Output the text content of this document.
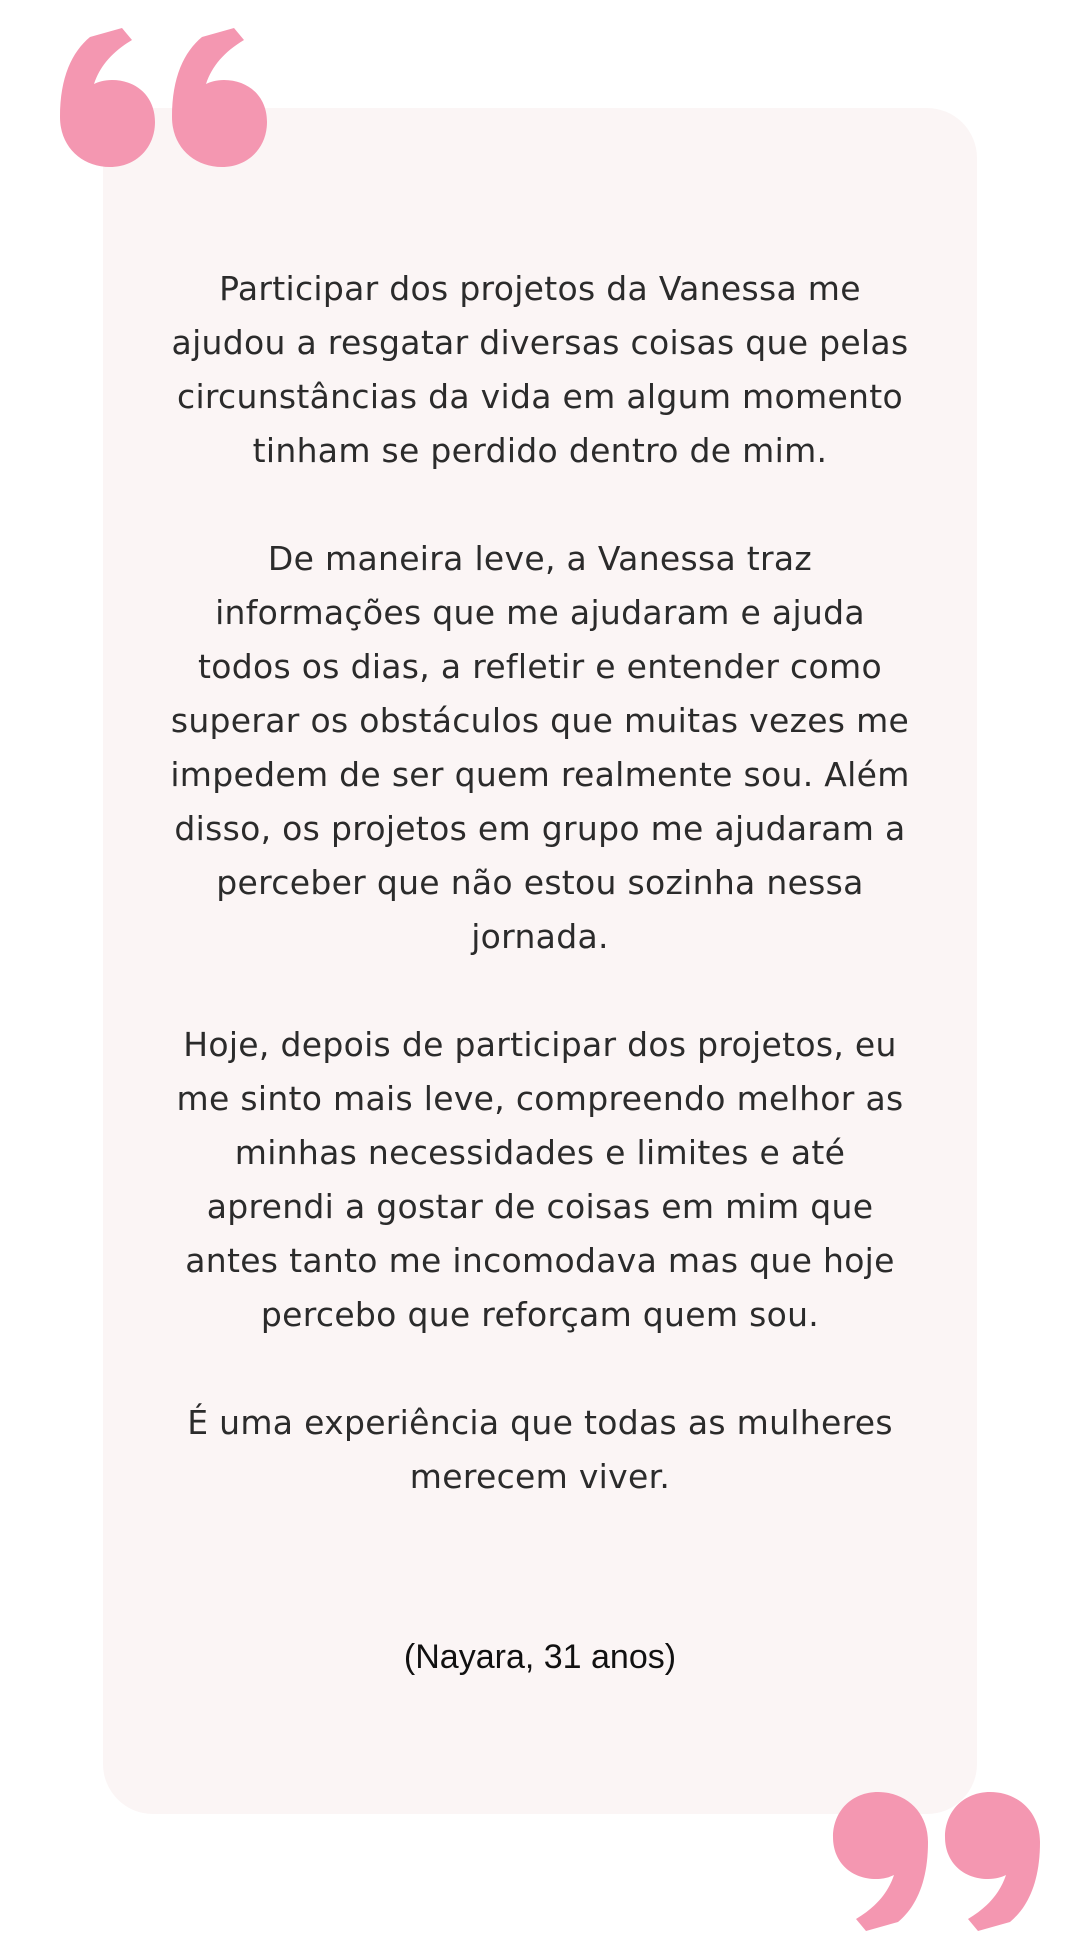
Participar dos projetos da Vanessa me ajudou a resgatar diversas coisas que pelas circunstâncias da vida em algum momento tinham se perdido dentro de mim.

De maneira leve, a Vanessa traz informações que me ajudaram e ajuda todos os dias, a refletir e entender como superar os obstáculos que muitas vezes me impedem de ser quem realmente sou. Além disso, os projetos em grupo me ajudaram a perceber que não estou sozinha nessa jornada.

Hoje, depois de participar dos projetos, eu me sinto mais leve, compreendo melhor as minhas necessidades e limites e até aprendi a gostar de coisas em mim que antes tanto me incomodava mas que hoje percebo que reforçam quem sou.

É uma experiência que todas as mulheres merecem viver.

(Nayara, 31 anos)
